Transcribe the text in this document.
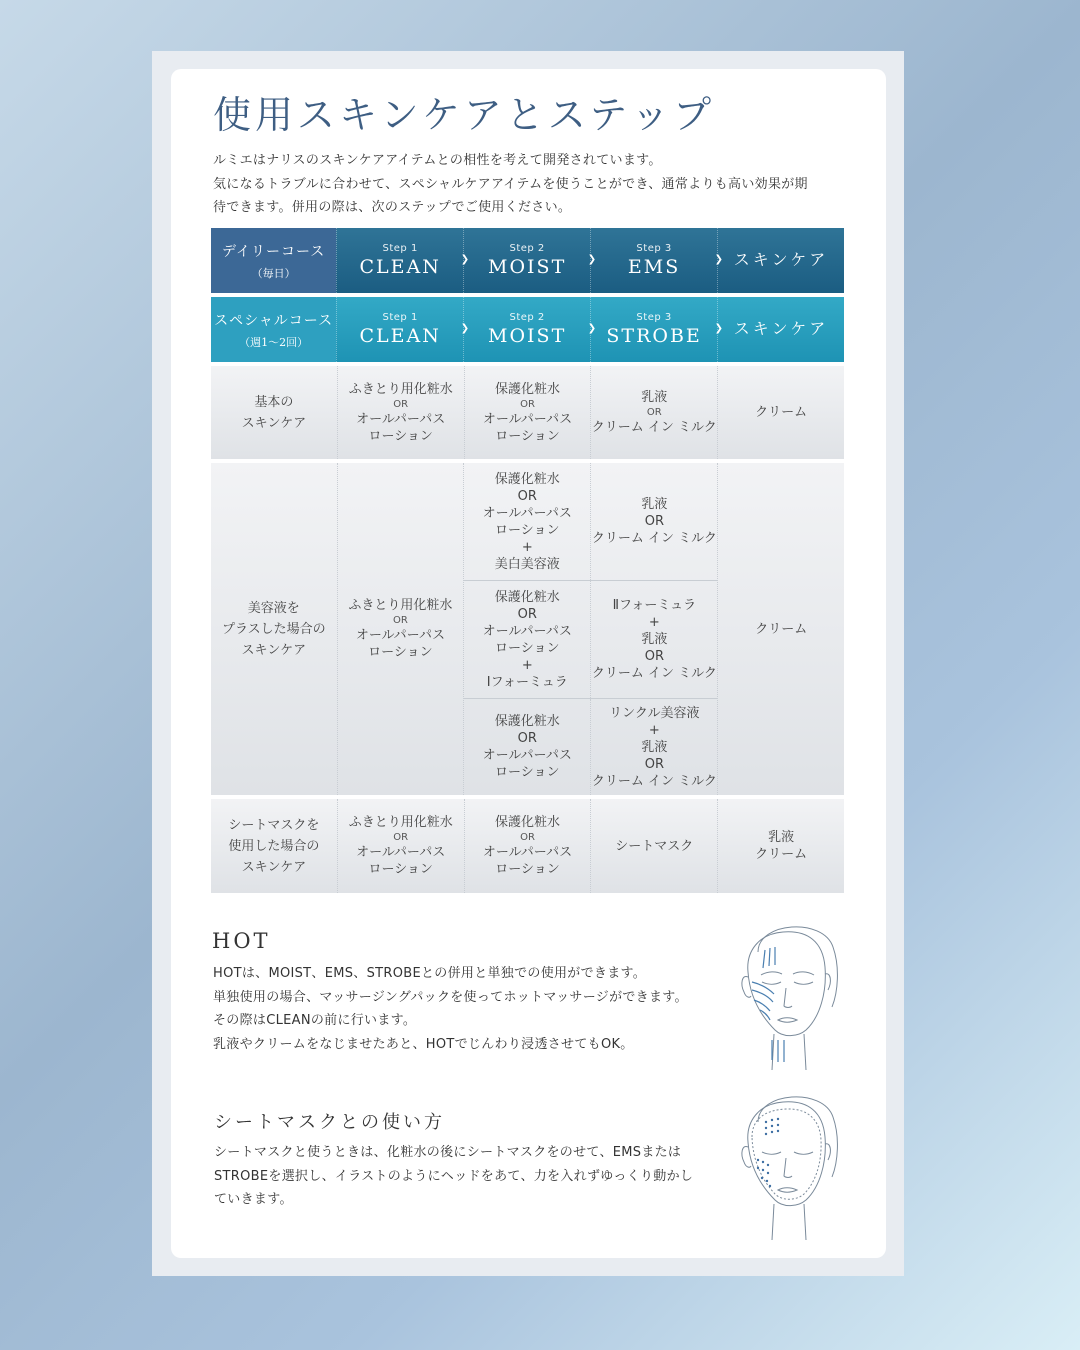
使用スキンケアとステップ

ルミエはナリスのスキンケアアイテムとの相性を考えて開発されています。

気になるトラブルに合わせて、スペシャルケアアイテムを使うことができ、通常よりも高い効果が期

待できます。併用の際は、次のステップでご使用ください。

デイリーコース
（毎日）
Step 1
CLEAN ❯
Step 2
MOIST ❯
Step 3
EMS	❯ スキンケア
スペシャルコース
（週1〜2回）
Step 1
CLEAN ❯
Step 2
MOIST ❯
Step 3
STROBE ❯ スキンケア
基本の
スキンケア
ふきとり用化粧水
OR
オールパーパス
ローション
保護化粧水
OR
オールパーパス
ローション
乳液
OR
クリーム イン ミルク
クリーム
美容液を
プラスした場合の
スキンケア
ふきとり用化粧水
OR
オールパーパス
ローション
保護化粧水
OR
オールパーパス
ローション
+
美白美容液
乳液
OR
クリーム イン ミルク
保護化粧水
OR
オールパーパス
ローション
+
Ⅰフォーミュラ
Ⅱフォーミュラ
+
乳液
OR
クリーム イン ミルク
保護化粧水
OR
オールパーパス
ローション
リンクル美容液
+
乳液
OR
クリーム イン ミルク
クリーム
シートマスクを
使用した場合の
スキンケア
ふきとり用化粧水
OR
オールパーパス
ローション
保護化粧水
OR
オールパーパス
ローション
シートマスク
乳液
クリーム
HOT

HOTは、MOIST、EMS、STROBEとの併用と単独での使用ができます。

単独使用の場合、マッサージングパックを使ってホットマッサージができます。

その際はCLEANの前に行います。

乳液やクリームをなじませたあと、HOTでじんわり浸透させてもOK。

シートマスクとの使い方

シートマスクと使うときは、化粧水の後にシートマスクをのせて、EMSまたは

STROBEを選択し、イラストのようにヘッドをあて、力を入れずゆっくり動かし

ていきます。
